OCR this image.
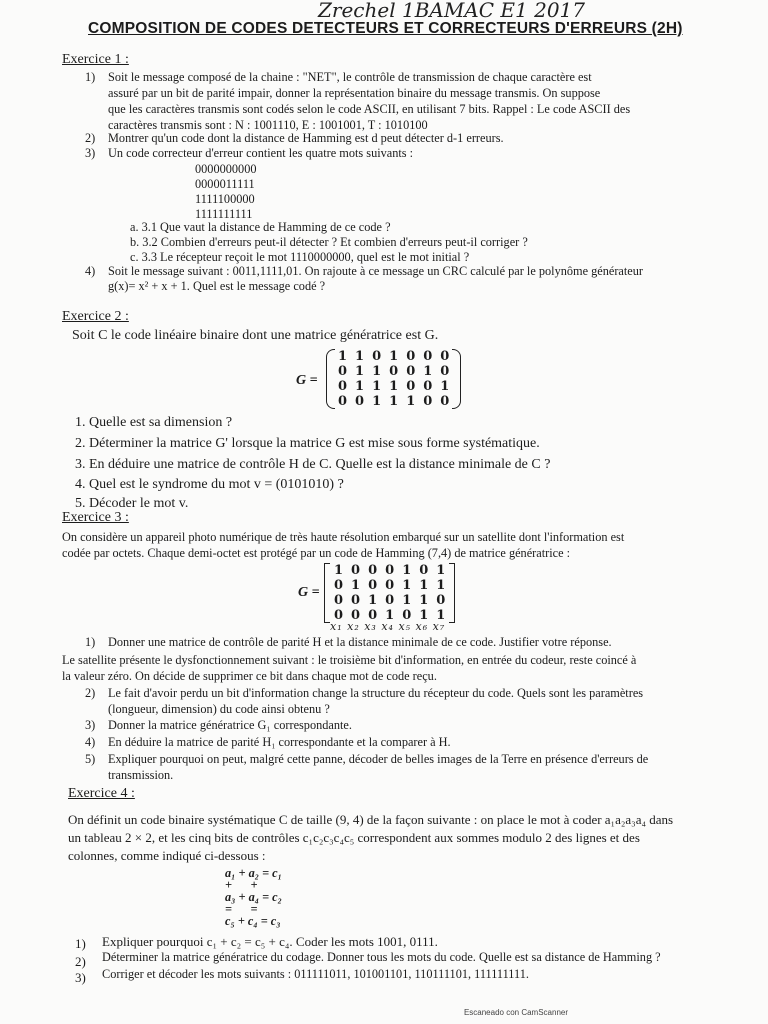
Zrechel 1BAMAC E1 2017
COMPOSITION DE CODES DETECTEURS ET CORRECTEURS D'ERREURS (2H)
Exercice 1 :
1) Soit le message composé de la chaine : "NET", le contrôle de transmission de chaque caractère est
assuré par un bit de parité impair, donner la représentation binaire du message transmis. On suppose
que les caractères transmis sont codés selon le code ASCII, en utilisant 7 bits. Rappel : Le code ASCII des
caractères transmis sont : N : 1001110, E : 1001001, T : 1010100
2) Montrer qu'un code dont la distance de Hamming est d peut détecter d-1 erreurs.
3) Un code correcteur d'erreur contient les quatre mots suivants :
0000000000
0000011111
1111100000
1111111111
a. 3.1 Que vaut la distance de Hamming de ce code ?
b. 3.2 Combien d'erreurs peut-il détecter ? Et combien d'erreurs peut-il corriger ?
c. 3.3 Le récepteur reçoit le mot 1110000000, quel est le mot initial ?
4) Soit le message suivant : 0011,1111,01. On rajoute à ce message un CRC calculé par le polynôme générateur
g(x)= x² + x + 1. Quel est le message codé ?
Exercice 2 :
Soit C le code linéaire binaire dont une matrice génératrice est G.
G =
1	1	0	1	0	0	0
0	1	1	0	0	1	0
0	1	1	1	0	0	1
0	0	1	1	1	0	0
1. Quelle est sa dimension ?
2. Déterminer la matrice G' lorsque la matrice G est mise sous forme systématique.
3. En déduire une matrice de contrôle H de C. Quelle est la distance minimale de C ?
4. Quel est le syndrome du mot v = (0101010) ?
5. Décoder le mot v.
Exercice 3 :
On considère un appareil photo numérique de très haute résolution embarqué sur un satellite dont l'information est
codée par octets. Chaque demi-octet est protégé par un code de Hamming (7,4) de matrice génératrice :
G =
1	0	0	0	1	0	1
0	1	0	0	1	1	1
0	0	1	0	1	1	0
0	0	0	1	0	1	1
x₁ x₂ x₃ x₄ x₅ x₆ x₇
1) Donner une matrice de contrôle de parité H et la distance minimale de ce code. Justifier votre réponse.
Le satellite présente le dysfonctionnement suivant : le troisième bit d'information, en entrée du codeur, reste coincé à
la valeur zéro. On décide de supprimer ce bit dans chaque mot de code reçu.
2) Le fait d'avoir perdu un bit d'information change la structure du récepteur du code. Quels sont les paramètres
(longueur, dimension) du code ainsi obtenu ?
3) Donner la matrice génératrice G₁ correspondante.
4) En déduire la matrice de parité H₁ correspondante et la comparer à H.
5) Expliquer pourquoi on peut, malgré cette panne, décoder de belles images de la Terre en présence d'erreurs de
transmission.
Exercice 4 :
On définit un code binaire systématique C de taille (9, 4) de la façon suivante : on place le mot à coder a₁a₂a₃a₄ dans
un tableau 2 × 2, et les cinq bits de contrôles c₁c₂c₃c₄c₅ correspondent aux sommes modulo 2 des lignes et des
colonnes, comme indiqué ci-dessous :
a₁ + a₂ = c₁
+      +
a₃ + a₄ = c₂
=      =
c₅ + c₄ = c₃
1) Expliquer pourquoi c₁ + c₂ = c₅ + c₄. Coder les mots 1001, 0111.
2) Déterminer la matrice génératrice du codage. Donner tous les mots du code. Quelle est sa distance de Hamming ?
3) Corriger et décoder les mots suivants : 011111011, 101001101, 110111101, 111111111.
Escaneado con CamScanner
